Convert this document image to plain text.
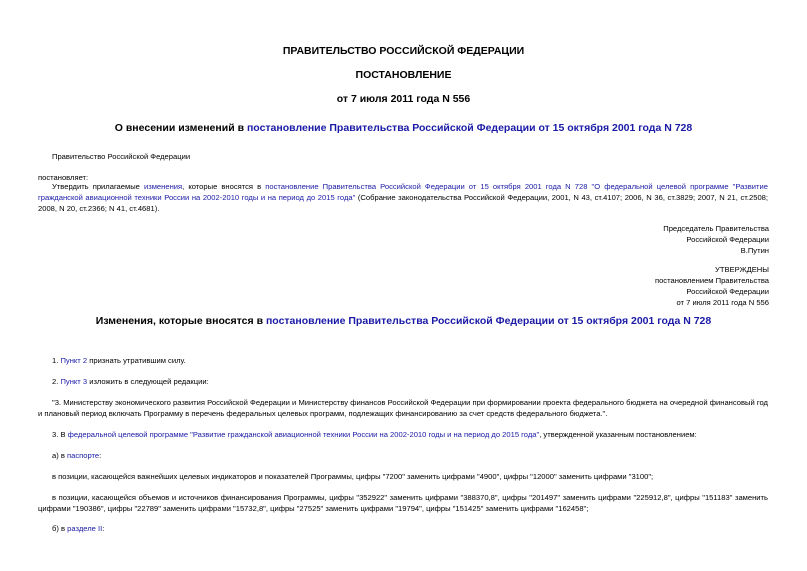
ПРАВИТЕЛЬСТВО РОССИЙСКОЙ ФЕДЕРАЦИИ
ПОСТАНОВЛЕНИЕ
от 7 июля 2011 года N 556
О внесении изменений в постановление Правительства Российской Федерации от 15 октября 2001 года N 728
Правительство Российской Федерации
постановляет:
Утвердить прилагаемые изменения, которые вносятся в постановление Правительства Российской Федерации от 15 октября 2001 года N 728 "О федеральной целевой программе "Развитие гражданской авиационной техники России на 2002-2010 годы и на период до 2015 года" (Собрание законодательства Российской Федерации, 2001, N 43, ст.4107; 2006, N 36, ст.3829; 2007, N 21, ст.2508; 2008, N 20, ст.2366; N 41, ст.4681).
Председатель Правительства
Российской Федерации
В.Путин
УТВЕРЖДЕНЫ
постановлением Правительства
Российской Федерации
от 7 июля 2011 года N 556
Изменения, которые вносятся в постановление Правительства Российской Федерации от 15 октября 2001 года N 728
1. Пункт 2 признать утратившим силу.
2. Пункт 3 изложить в следующей редакции:
"3. Министерству экономического развития Российской Федерации и Министерству финансов Российской Федерации при формировании проекта федерального бюджета на очередной финансовый год и плановый период включать Программу в перечень федеральных целевых программ, подлежащих финансированию за счет средств федерального бюджета.".
3. В федеральной целевой программе "Развитие гражданской авиационной техники России на 2002-2010 годы и на период до 2015 года", утвержденной указанным постановлением:
а) в паспорте:
в позиции, касающейся важнейших целевых индикаторов и показателей Программы, цифры "7200" заменить цифрами "4900", цифры "12000" заменить цифрами "3100";
в позиции, касающейся объемов и источников финансирования Программы, цифры "352922" заменить цифрами "388370,8", цифры "201497" заменить цифрами "225912,8", цифры "151183" заменить цифрами "190386", цифры "22789" заменить цифрами "15732,8", цифры "27525" заменить цифрами "19794", цифры "151425" заменить цифрами "162458";
б) в разделе II:
